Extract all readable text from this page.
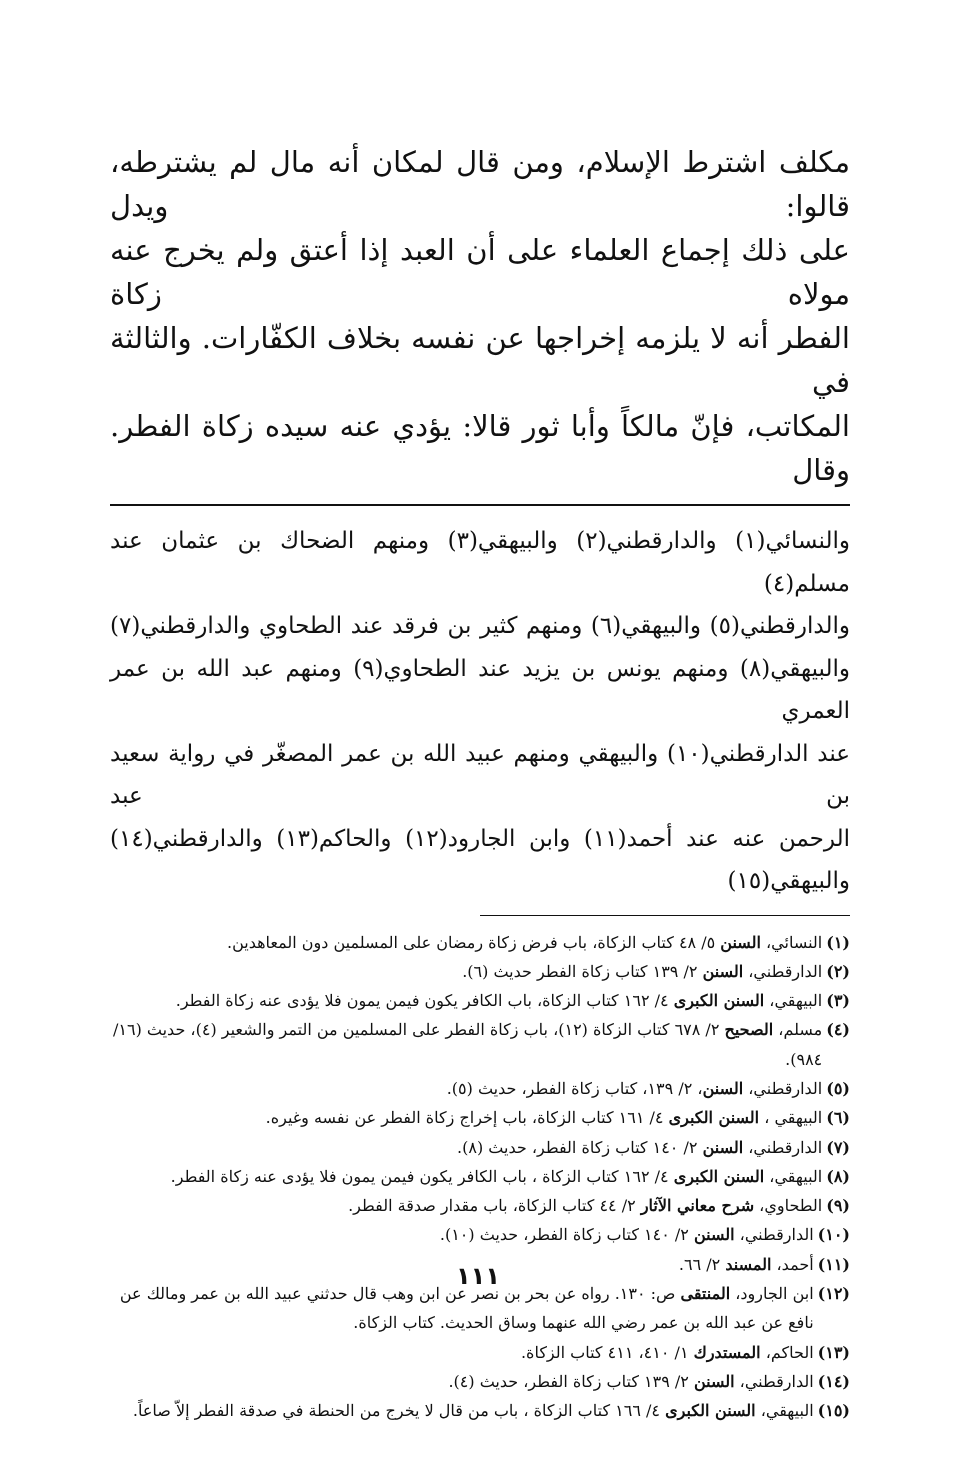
مكلف اشترط الإسلام، ومن قال لمكان أنه مال لم يشترطه، قالوا: ويدل

على ذلك إجماع العلماء على أن العبد إذا أعتق ولم يخرج عنه مولاه زكاة

الفطر أنه لا يلزمه إخراجها عن نفسه بخلاف الكفّارات. والثالثة في

المكاتب، فإنّ مالكاً وأبا ثور قالا: يؤدي عنه سيده زكاة الفطر. وقال

والنسائي(١) والدارقطني(٢) والبيهقي(٣) ومنهم الضحاك بن عثمان عند مسلم(٤)

والدارقطني(٥) والبيهقي(٦) ومنهم كثير بن فرقد عند الطحاوي والدارقطني(٧)

والبيهقي(٨) ومنهم يونس بن يزيد عند الطحاوي(٩) ومنهم عبد الله بن عمر العمري

عند الدارقطني(١٠) والبيهقي ومنهم عبيد الله بن عمر المصغّر في رواية سعيد بن عبد

الرحمن عنه عند أحمد(١١) وابن الجارود(١٢) والحاكم(١٣) والدارقطني(١٤) والبيهقي(١٥)

(١)
النسائي، السنن ٥/ ٤٨ كتاب الزكاة، باب فرض زكاة رمضان على المسلمين دون المعاهدين.
(٢)
الدارقطني، السنن ٢/ ١٣٩ كتاب زكاة الفطر حديث (٦).
(٣)
البيهقي، السنن الكبرى ٤/ ١٦٢ كتاب الزكاة، باب الكافر يكون فيمن يمون فلا يؤدى عنه زكاة الفطر.
(٤)
مسلم، الصحيح ٢/ ٦٧٨ كتاب الزكاة (١٢)، باب زكاة الفطر على المسلمين من التمر والشعير (٤)، حديث (١٦/ ٩٨٤).
(٥)
الدارقطني، السنن، ٢/ ١٣٩، كتاب زكاة الفطر، حديث (٥).
(٦)
البيهقي ، السنن الكبرى ٤/ ١٦١ كتاب الزكاة، باب إخراج زكاة الفطر عن نفسه وغيره.
(٧)
الدارقطني، السنن ٢/ ١٤٠ كتاب زكاة الفطر، حديث (٨).
(٨)
البيهقي، السنن الكبرى ٤/ ١٦٢ كتاب الزكاة ، باب الكافر يكون فيمن يمون فلا يؤدى عنه زكاة الفطر.
(٩)
الطحاوي، شرح معاني الآثار ٢/ ٤٤ كتاب الزكاة، باب مقدار صدقة الفطر.
(١٠)
الدارقطني، السنن ٢/ ١٤٠ كتاب زكاة الفطر، حديث (١٠).
(١١)
أحمد، المسند ٢/ ٦٦.
(١٢)
ابن الجارود، المنتقى ص: ١٣٠. رواه عن بحر بن نصر عن ابن وهب قال حدثني عبيد الله بن عمر ومالك عن نافع عن عبد الله بن عمر رضي الله عنهما وساق الحديث. كتاب الزكاة.
(١٣)
الحاكم، المستدرك ١/ ٤١٠، ٤١١ كتاب الزكاة.
(١٤)
الدارقطني، السنن ٢/ ١٣٩ كتاب زكاة الفطر، حديث (٤).
(١٥)
البيهقي، السنن الكبرى ٤/ ١٦٦ كتاب الزكاة ، باب من قال لا يخرج من الحنطة في صدقة الفطر إلاّ صاعاً.
١١١
